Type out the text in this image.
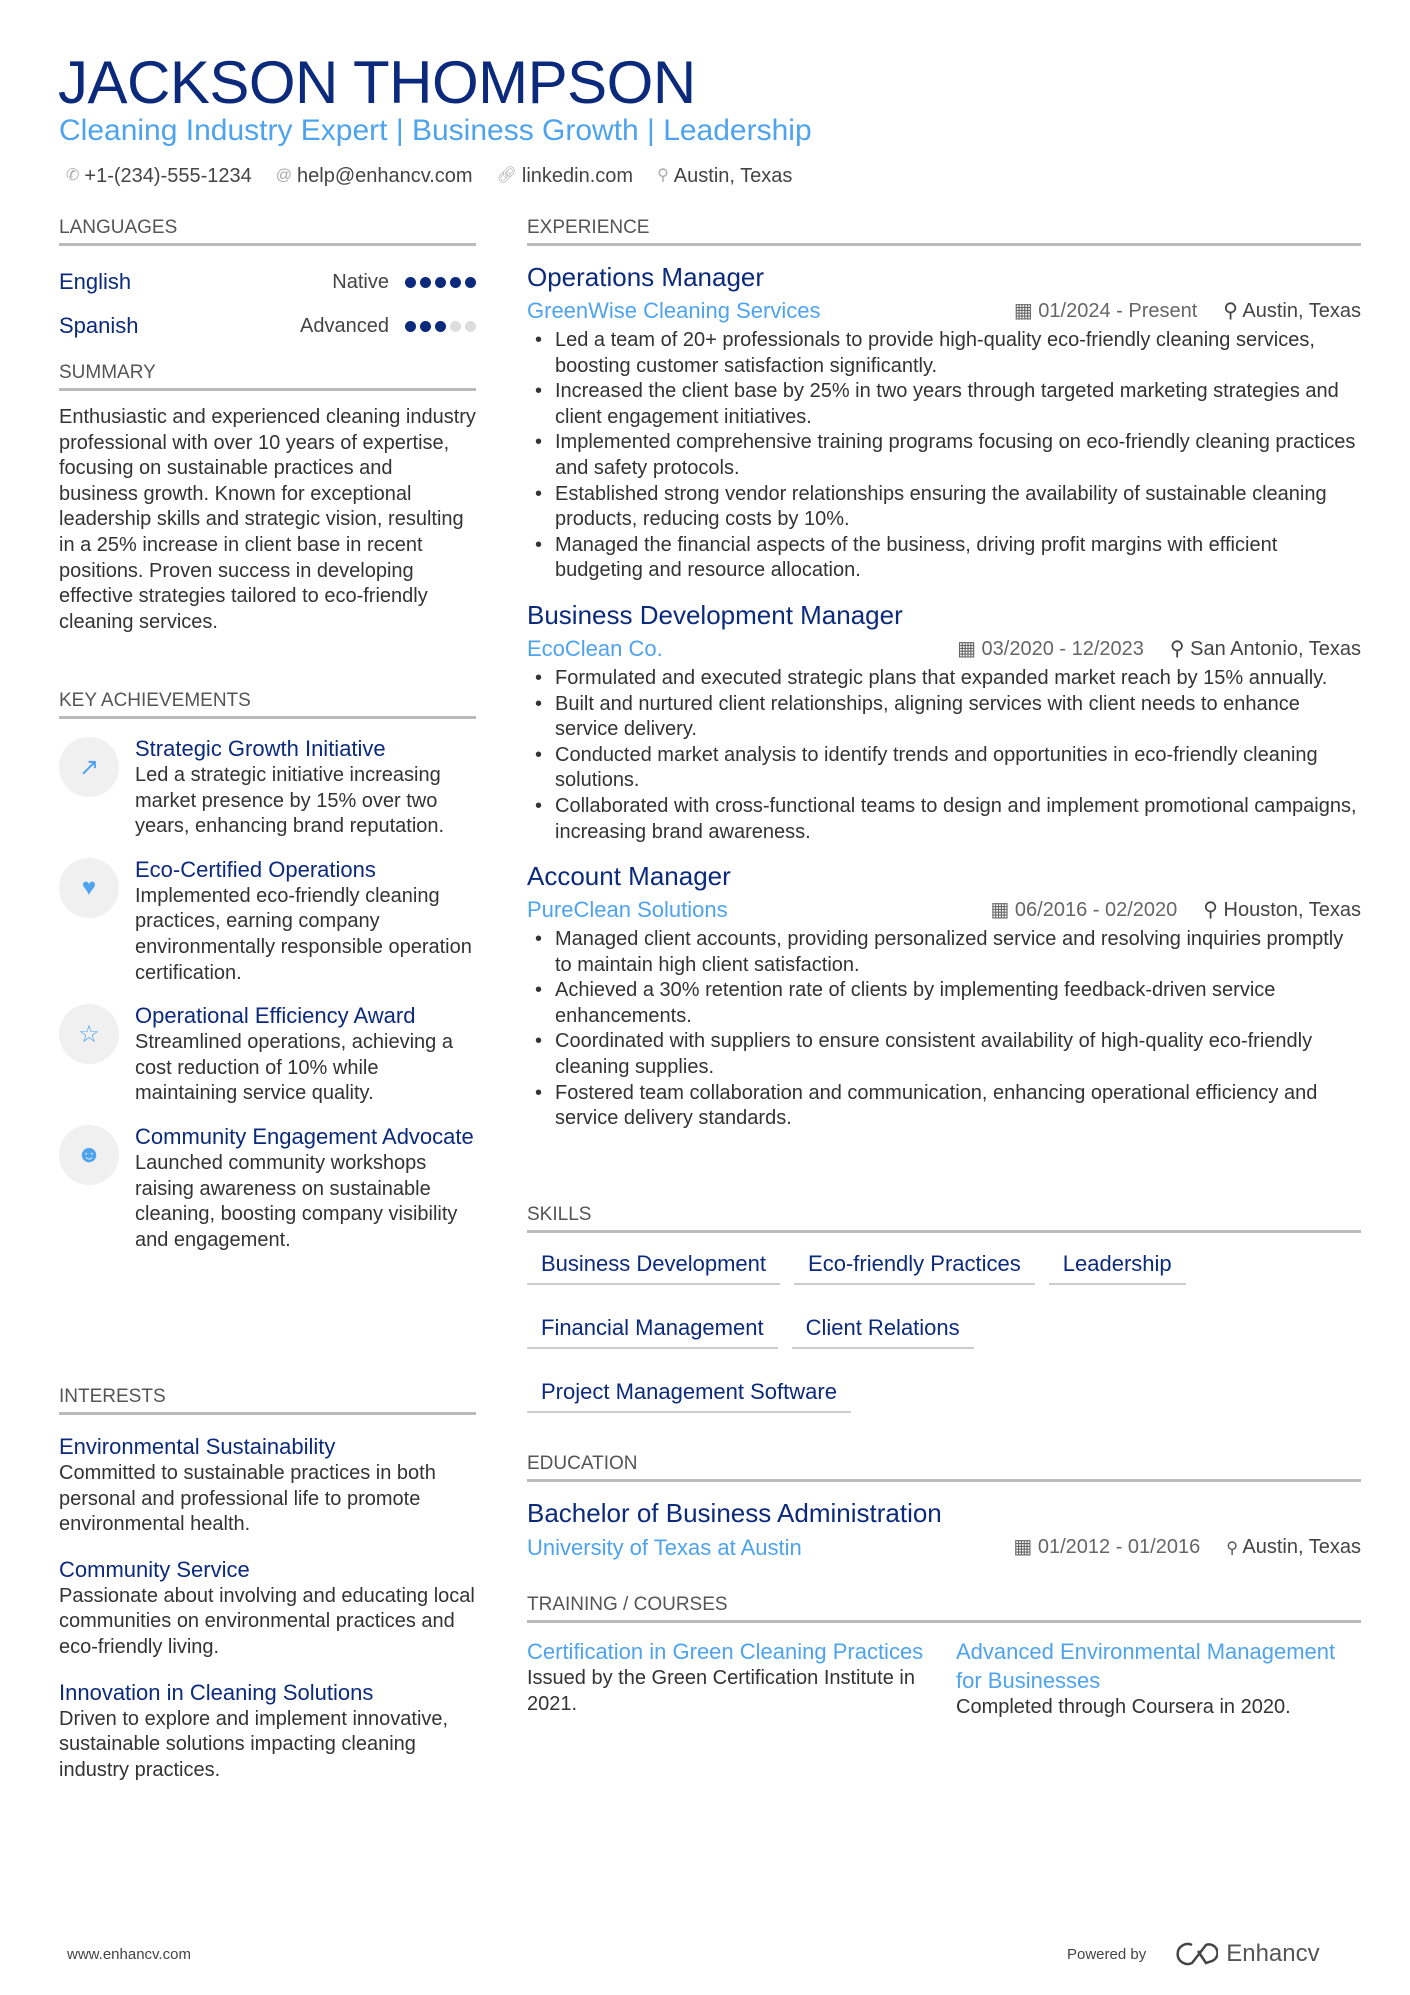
JACKSON THOMPSON
Cleaning Industry Expert | Business Growth | Leadership
✆ +1-(234)-555-1234 @ help@enhancv.com 🔗︎ linkedin.com ⚲ Austin, Texas
LANGUAGES
English	Native
Spanish	Advanced
SUMMARY
Enthusiastic and experienced cleaning industry professional with over 10 years of expertise, focusing on sustainable practices and business growth. Known for exceptional leadership skills and strategic vision, resulting in a 25% increase in client base in recent positions. Proven success in developing effective strategies tailored to eco-friendly cleaning services.
KEY ACHIEVEMENTS
↗
Strategic Growth Initiative
Led a strategic initiative increasing market presence by 15% over two years, enhancing brand reputation.
♥
Eco-Certified Operations
Implemented eco-friendly cleaning practices, earning company environmentally responsible operation certification.
☆
Operational Efficiency Award
Streamlined operations, achieving a cost reduction of 10% while maintaining service quality.
☻
Community Engagement Advocate
Launched community workshops raising awareness on sustainable cleaning, boosting company visibility and engagement.
INTERESTS
Environmental Sustainability
Committed to sustainable practices in both personal and professional life to promote environmental health.
Community Service
Passionate about involving and educating local communities on environmental practices and eco-friendly living.
Innovation in Cleaning Solutions
Driven to explore and implement innovative, sustainable solutions impacting cleaning industry practices.
EXPERIENCE
Operations Manager
GreenWise Cleaning Services	▦ 01/2024 - Present ⚲ Austin, Texas
• Led a team of 20+ professionals to provide high-quality eco-friendly cleaning services, boosting customer satisfaction significantly.
• Increased the client base by 25% in two years through targeted marketing strategies and client engagement initiatives.
• Implemented comprehensive training programs focusing on eco-friendly cleaning practices and safety protocols.
• Established strong vendor relationships ensuring the availability of sustainable cleaning products, reducing costs by 10%.
• Managed the financial aspects of the business, driving profit margins with efficient budgeting and resource allocation.
Business Development Manager
EcoClean Co.	▦ 03/2020 - 12/2023 ⚲ San Antonio, Texas
• Formulated and executed strategic plans that expanded market reach by 15% annually.
• Built and nurtured client relationships, aligning services with client needs to enhance service delivery.
• Conducted market analysis to identify trends and opportunities in eco-friendly cleaning solutions.
• Collaborated with cross-functional teams to design and implement promotional campaigns, increasing brand awareness.
Account Manager
PureClean Solutions	▦ 06/2016 - 02/2020 ⚲ Houston, Texas
• Managed client accounts, providing personalized service and resolving inquiries promptly to maintain high client satisfaction.
• Achieved a 30% retention rate of clients by implementing feedback-driven service enhancements.
• Coordinated with suppliers to ensure consistent availability of high-quality eco-friendly cleaning supplies.
• Fostered team collaboration and communication, enhancing operational efficiency and service delivery standards.
SKILLS
Business Development	Eco-friendly Practices	Leadership
Financial Management	Client Relations
Project Management Software
EDUCATION
Bachelor of Business Administration
University of Texas at Austin	▦ 01/2012 - 01/2016 ⚲ Austin, Texas
TRAINING / COURSES
Certification in Green Cleaning Practices
Issued by the Green Certification Institute in 2021.
Advanced Environmental Management for Businesses
Completed through Coursera in 2020.
www.enhancv.com	Powered by	Enhancv
